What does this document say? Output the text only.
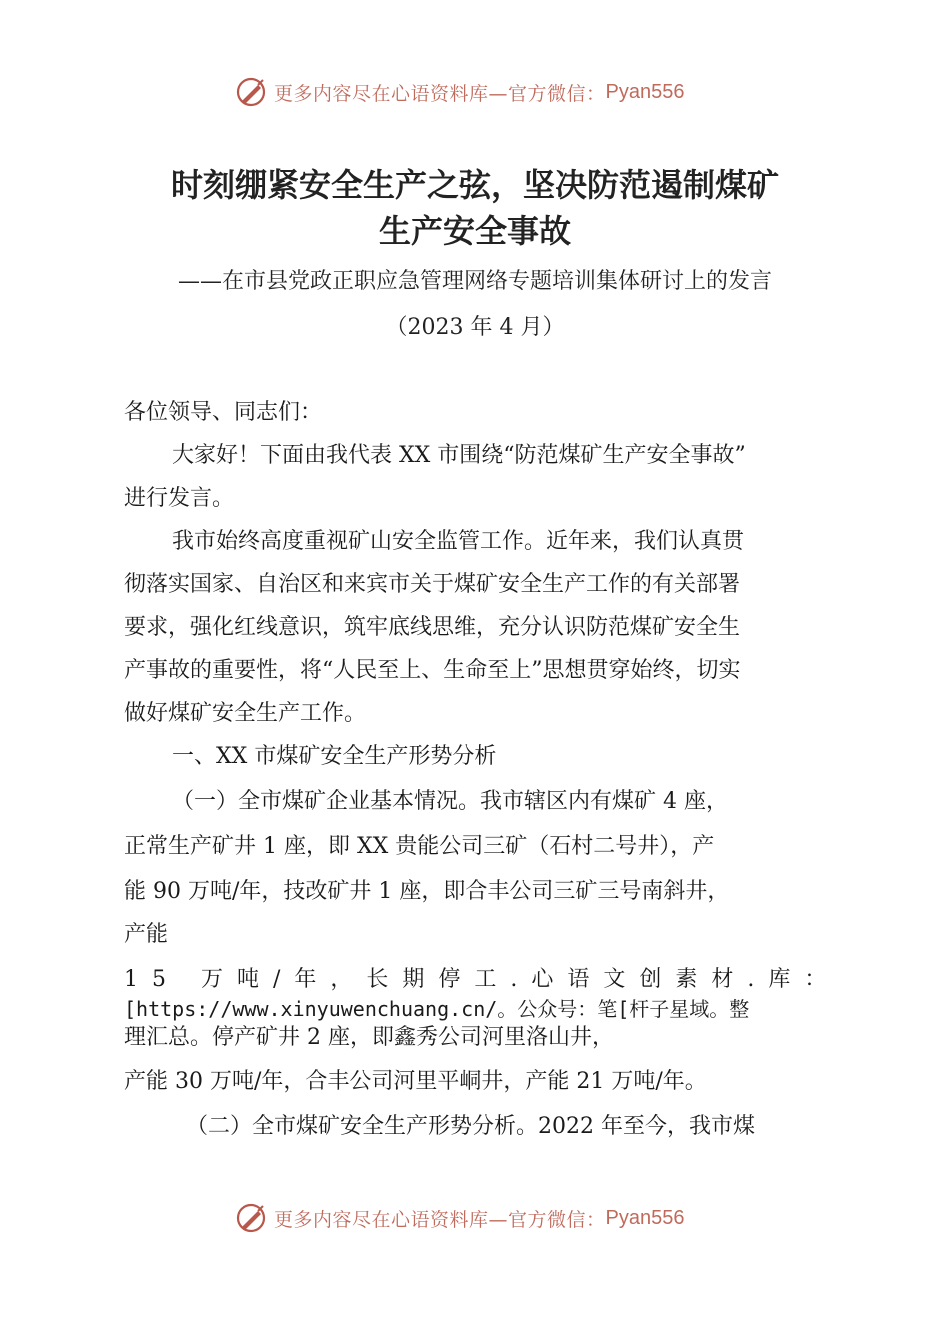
更多内容尽在心语资料库—官方微信： Pyan556
时刻绷紧安全生产之弦，坚决防范遏制煤矿
生产安全事故
——在市县党政正职应急管理网络专题培训集体研讨上的发言
（2023 年 4 月）

各位领导、同志们：

大家好！下面由我代表 XX 市围绕“防范煤矿生产安全事故”

进行发言。

我市始终高度重视矿山安全监管工作。近年来，我们认真贯

彻落实国家、自治区和来宾市关于煤矿安全生产工作的有关部署

要求，强化红线意识，筑牢底线思维，充分认识防范煤矿安全生

产事故的重要性，将“人民至上、生命至上”思想贯穿始终，切实

做好煤矿安全生产工作。

一、XX 市煤矿安全生产形势分析

（一）全市煤矿企业基本情况。我市辖区内有煤矿 4 座，

正常生产矿井 1 座，即 XX 贵能公司三矿（石村二号井），产

能 90 万吨/年，技改矿井 1 座，即合丰公司三矿三号南斜井，

产能

15 万吨/年，长期停工.心语文创素材.库：

[https://www.xinyuwenchuang.cn/。公众号：笔[杆子星域。整

理汇总。停产矿井 2 座，即鑫秀公司河里洛山井，

产能 30 万吨/年，合丰公司河里平峒井，产能 21 万吨/年。

（二）全市煤矿安全生产形势分析。2022 年至今，我市煤

更多内容尽在心语资料库—官方微信： Pyan556
